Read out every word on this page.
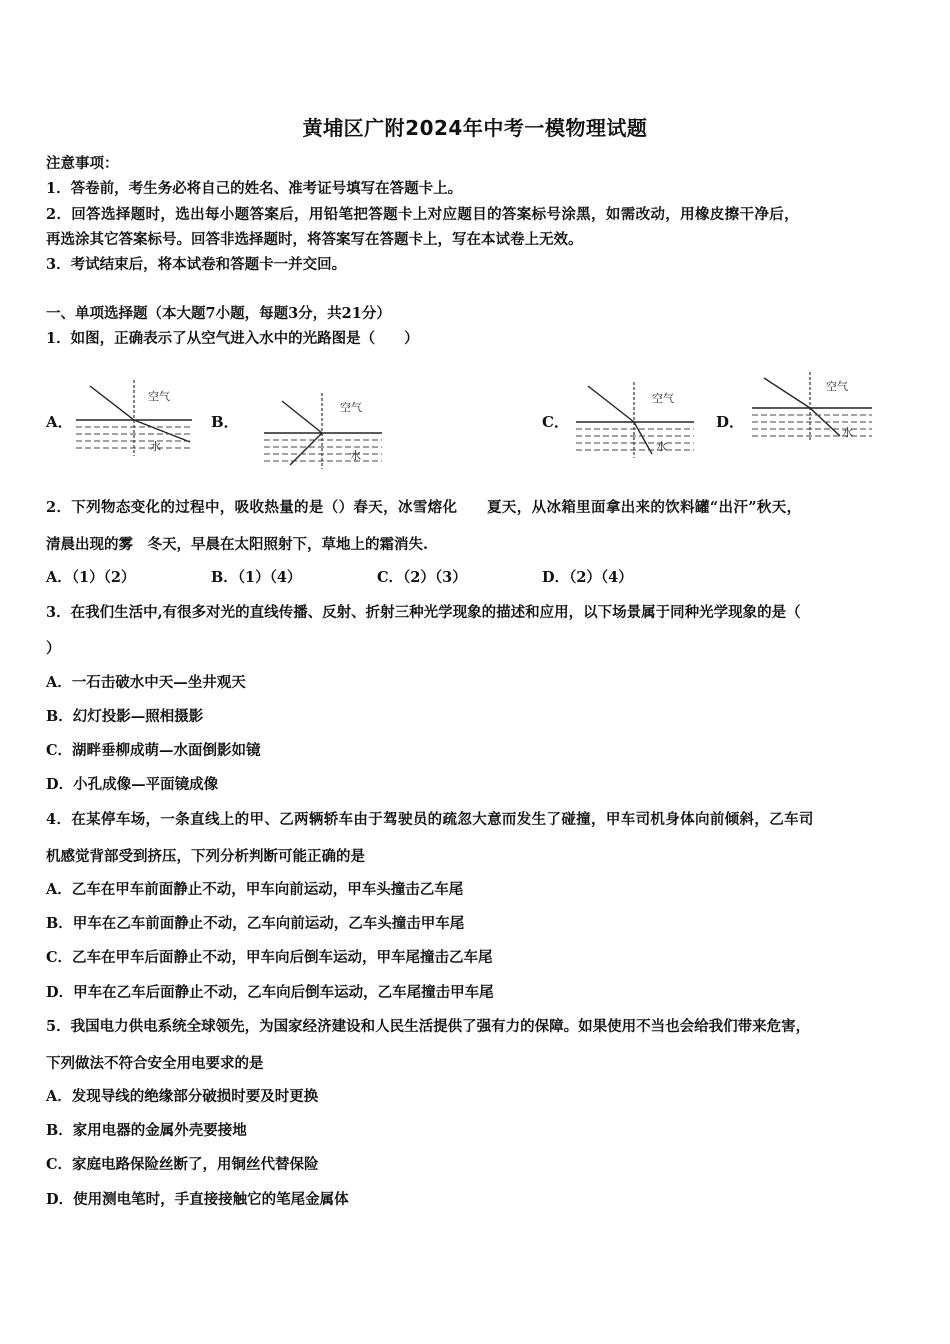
黄埔区广附2024年中考一模物理试题
注意事项：
1．答卷前，考生务必将自己的姓名、准考证号填写在答题卡上。
2．回答选择题时，选出每小题答案后，用铅笔把答题卡上对应题目的答案标号涂黑，如需改动，用橡皮擦干净后，
再选涂其它答案标号。回答非选择题时，将答案写在答题卡上，写在本试卷上无效。
3．考试结束后，将本试卷和答题卡一并交回。
一、单项选择题（本大题7小题，每题3分，共21分）
1．如图，正确表示了从空气进入水中的光路图是（　　）
A．
空气
水
B．
空气
水
C．
空气
水
D．
空气
水
2．下列物态变化的过程中，吸收热量的是（）春天，冰雪熔化　　夏天，从冰箱里面拿出来的饮料罐“出汗”秋天，
清晨出现的雾　冬天，早晨在太阳照射下，草地上的霜消失.
A．（1）（2）	B．（1）（4）	C．（2）（3）	D．（2）（4）
3．在我们生活中,有很多对光的直线传播、反射、折射三种光学现象的描述和应用，以下场景属于同种光学现象的是（
）
A．一石击破水中天—坐井观天
B．幻灯投影—照相摄影
C．湖畔垂柳成萌—水面倒影如镜
D．小孔成像—平面镜成像
4．在某停车场，一条直线上的甲、乙两辆轿车由于驾驶员的疏忽大意而发生了碰撞，甲车司机身体向前倾斜，乙车司
机感觉背部受到挤压，下列分析判断可能正确的是
A．乙车在甲车前面静止不动，甲车向前运动，甲车头撞击乙车尾
B．甲车在乙车前面静止不动，乙车向前运动，乙车头撞击甲车尾
C．乙车在甲车后面静止不动，甲车向后倒车运动，甲车尾撞击乙车尾
D．甲车在乙车后面静止不动，乙车向后倒车运动，乙车尾撞击甲车尾
5．我国电力供电系统全球领先，为国家经济建设和人民生活提供了强有力的保障。如果使用不当也会给我们带来危害，
下列做法不符合安全用电要求的是
A．发现导线的绝缘部分破损时要及时更换
B．家用电器的金属外壳要接地
C．家庭电路保险丝断了，用铜丝代替保险
D．使用测电笔时，手直接接触它的笔尾金属体
